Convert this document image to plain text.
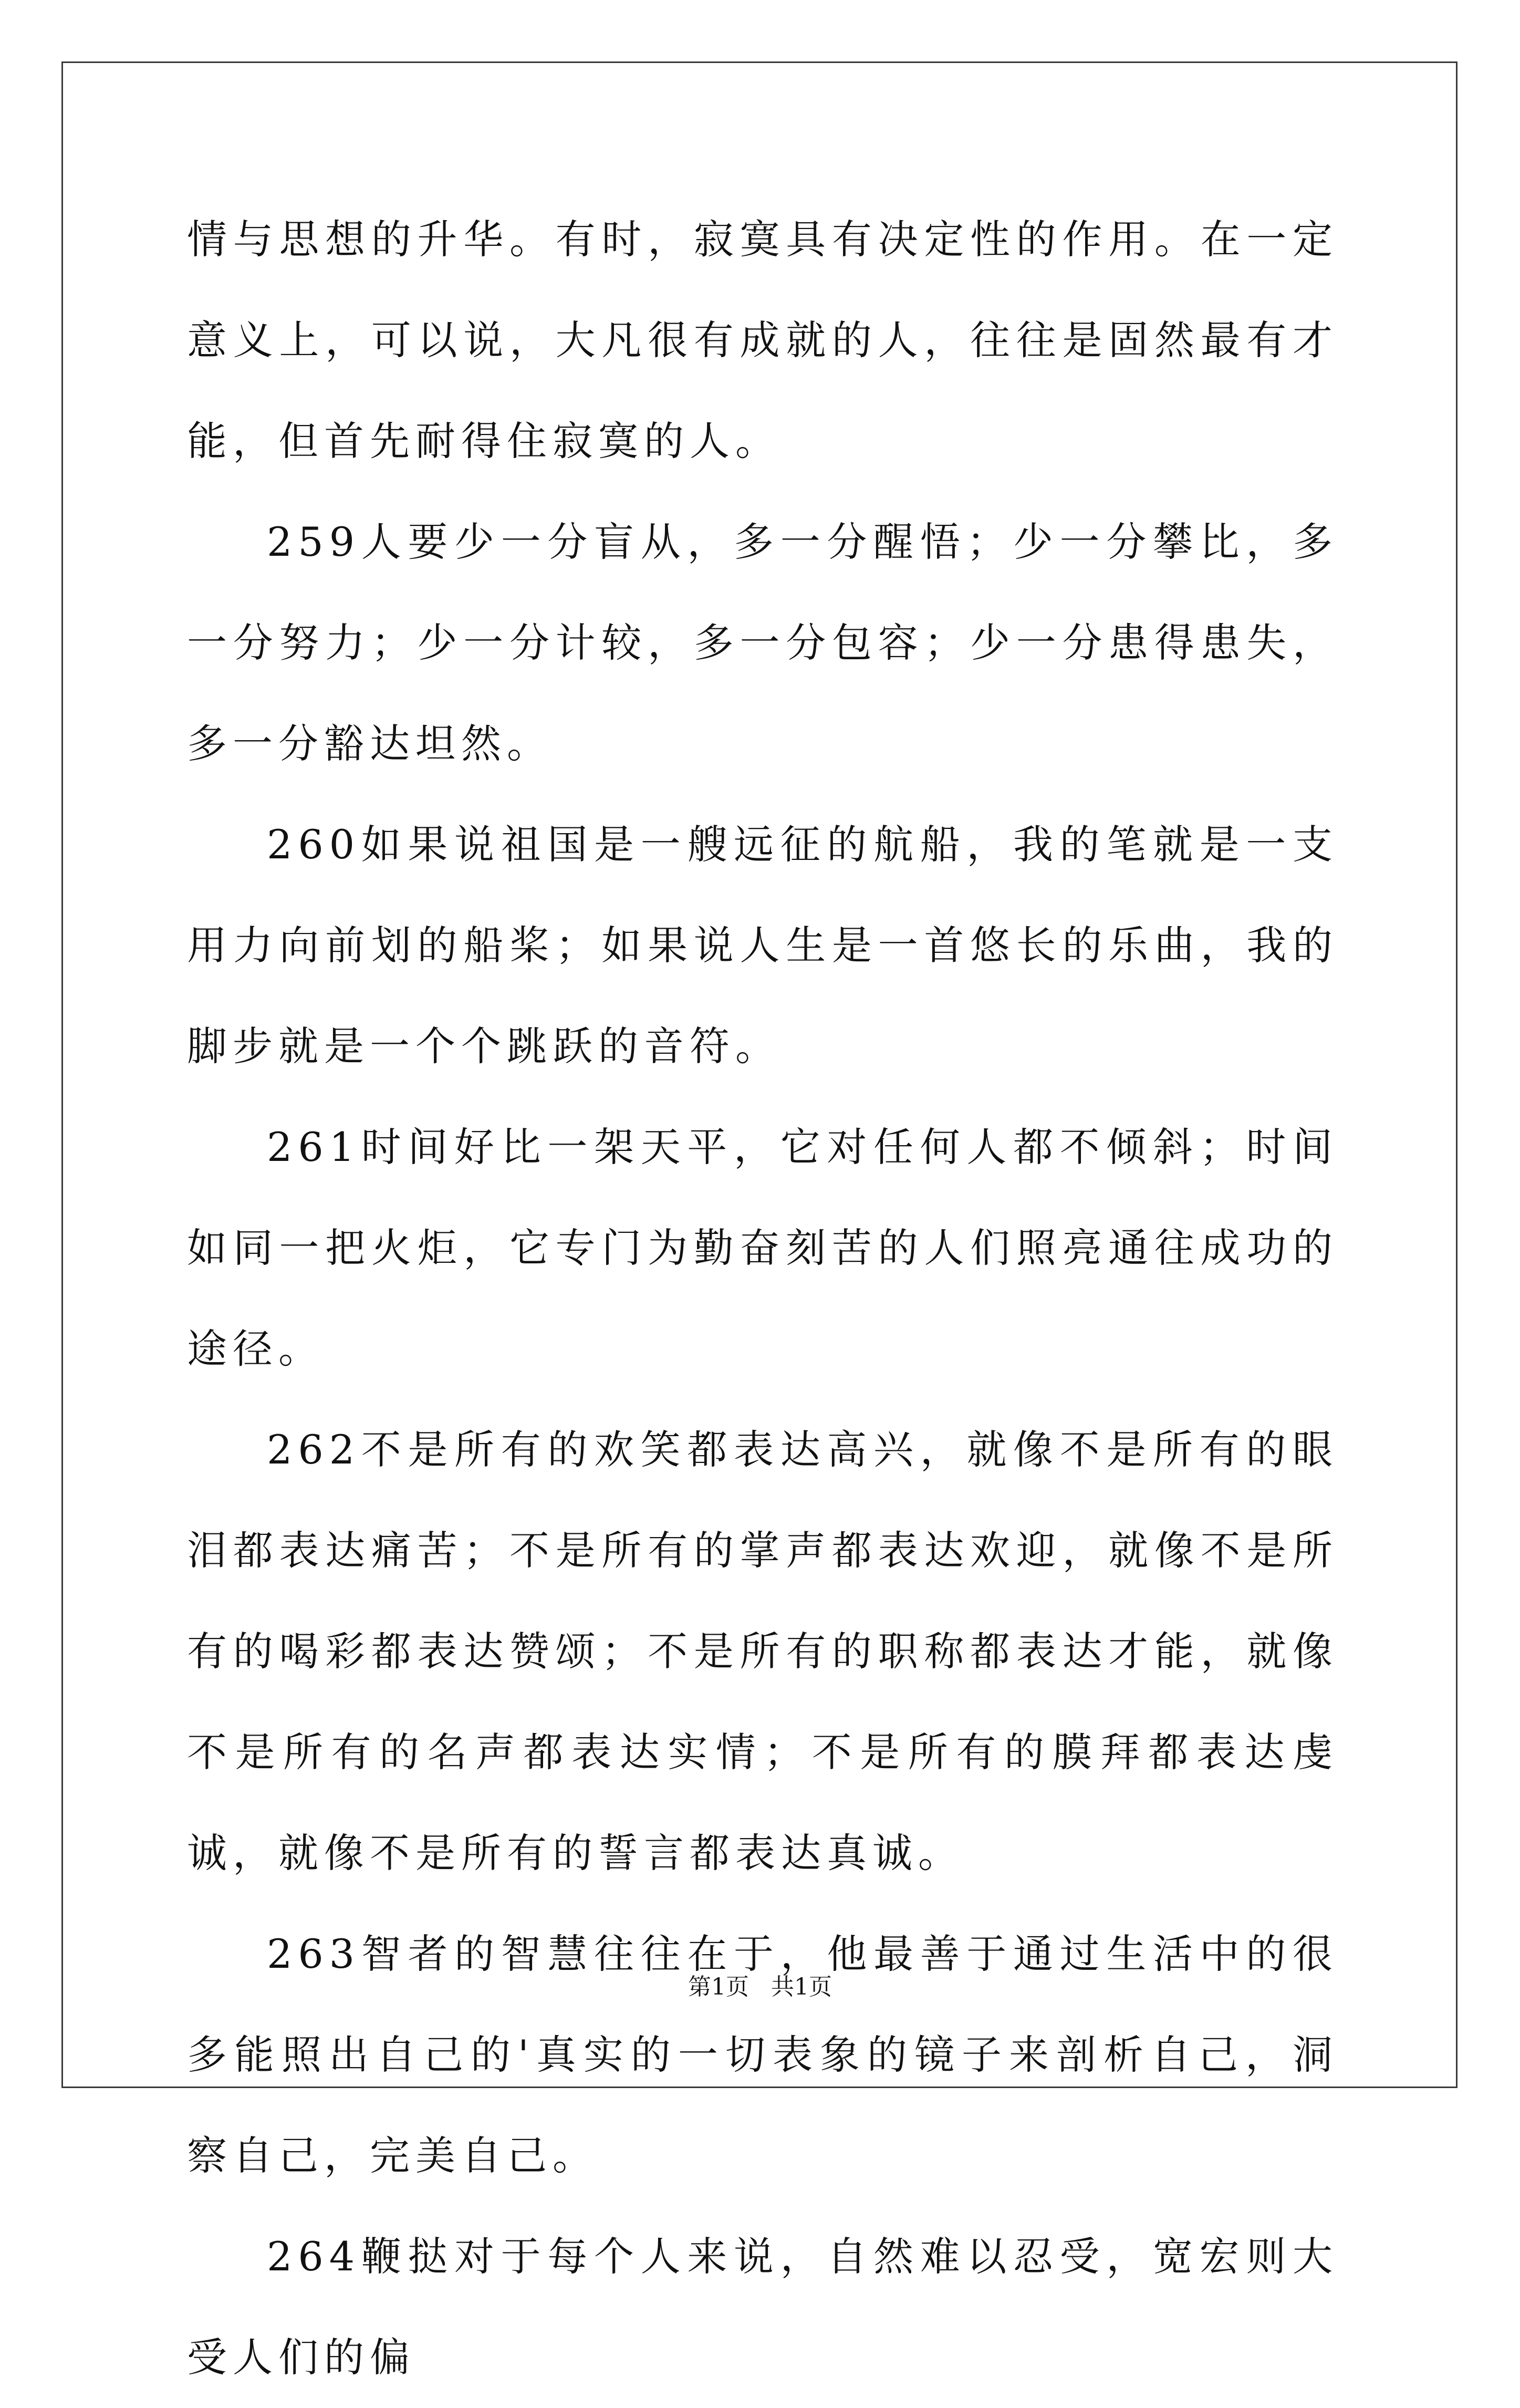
情与思想的升华。有时，寂寞具有决定性的作用。在一定意义上，可以说，大凡很有成就的人，往往是固然最有才能，但首先耐得住寂寞的人。

259人要少一分盲从，多一分醒悟；少一分攀比，多一分努力；少一分计较，多一分包容；少一分患得患失，多一分豁达坦然。

260如果说祖国是一艘远征的航船，我的笔就是一支用力向前划的船桨；如果说人生是一首悠长的乐曲，我的脚步就是一个个跳跃的音符。

261时间好比一架天平，它对任何人都不倾斜；时间如同一把火炬，它专门为勤奋刻苦的人们照亮通往成功的途径。

262不是所有的欢笑都表达高兴，就像不是所有的眼泪都表达痛苦；不是所有的掌声都表达欢迎，就像不是所有的喝彩都表达赞颂；不是所有的职称都表达才能，就像不是所有的名声都表达实情；不是所有的膜拜都表达虔诚，就像不是所有的誓言都表达真诚。

263智者的智慧往往在于，他最善于通过生活中的很多能照出自己的'真实的一切表象的镜子来剖析自己，洞察自己，完美自己。

264鞭挞对于每个人来说，自然难以忍受，宽宏则大受人们的偏

第1页 共1页
